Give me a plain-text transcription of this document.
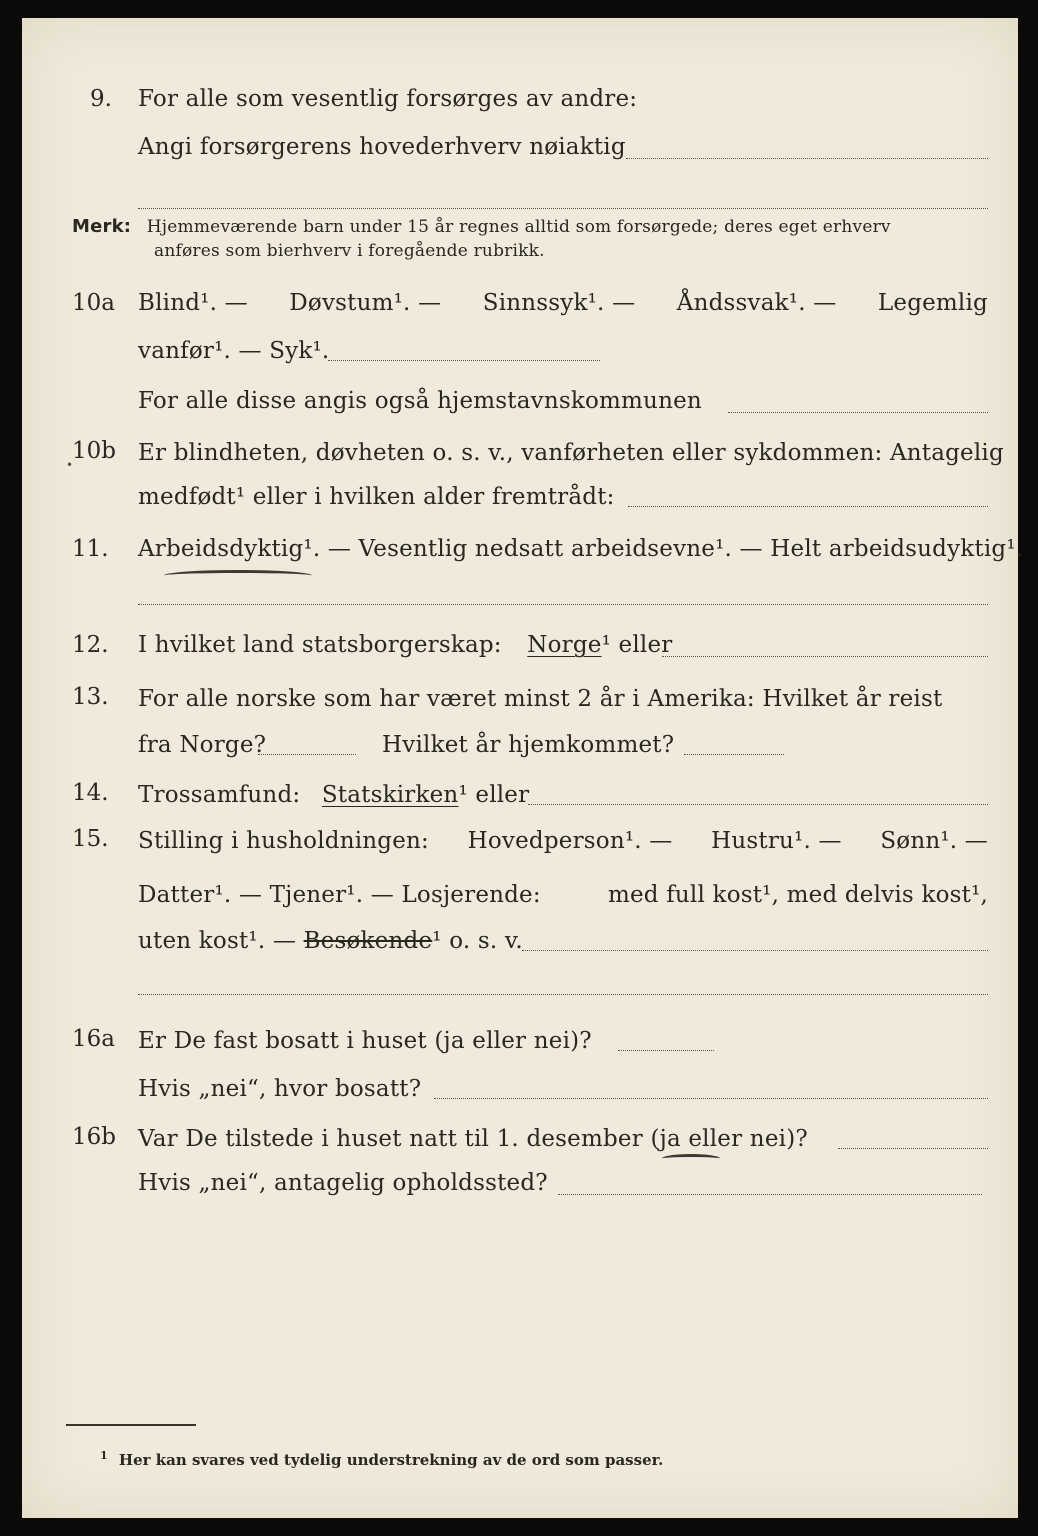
9. For alle som vesentlig forsørges av andre:
Angi forsørgerens hovederhverv nøiaktig
Merk: Hjemmeværende barn under 15 år regnes alltid som forsørgede; deres eget erhverv
anføres som bierhverv i foregående rubrikk.
10a Blind¹. — Døvstum¹. — Sinnssyk¹. — Åndssvak¹. — Legemlig
vanfør¹. — Syk¹.
For alle disse angis også hjemstavnskommunen
10b Er blindheten, døvheten o. s. v., vanførheten eller sykdommen: Antagelig
medfødt¹ eller i hvilken alder fremtrådt:
•
11. Arbeidsdyktig¹. — Vesentlig nedsatt arbeidsevne¹. — Helt arbeidsudyktig¹.
12. I hvilket land statsborgerskap: Norge¹ eller
13. For alle norske som har været minst 2 år i Amerika: Hvilket år reist
fra Norge?	Hvilket år hjemkommet?
14. Trossamfund: Statskirken¹ eller
15. Stilling i husholdningen: Hovedperson¹. — Hustru¹. — Sønn¹. —
Datter¹. — Tjener¹. — Losjerende:	med full kost¹, med delvis kost¹,
uten kost¹. — Besøkende¹ o. s. v.
16a Er De fast bosatt i huset (ja eller nei)?
Hvis „nei“, hvor bosatt?
16b Var De tilstede i huset natt til 1. desember (ja eller nei)?
Hvis „nei“, antagelig opholdssted?
$^1$ Her kan svares ved tydelig understrekning av de ord som passer.
